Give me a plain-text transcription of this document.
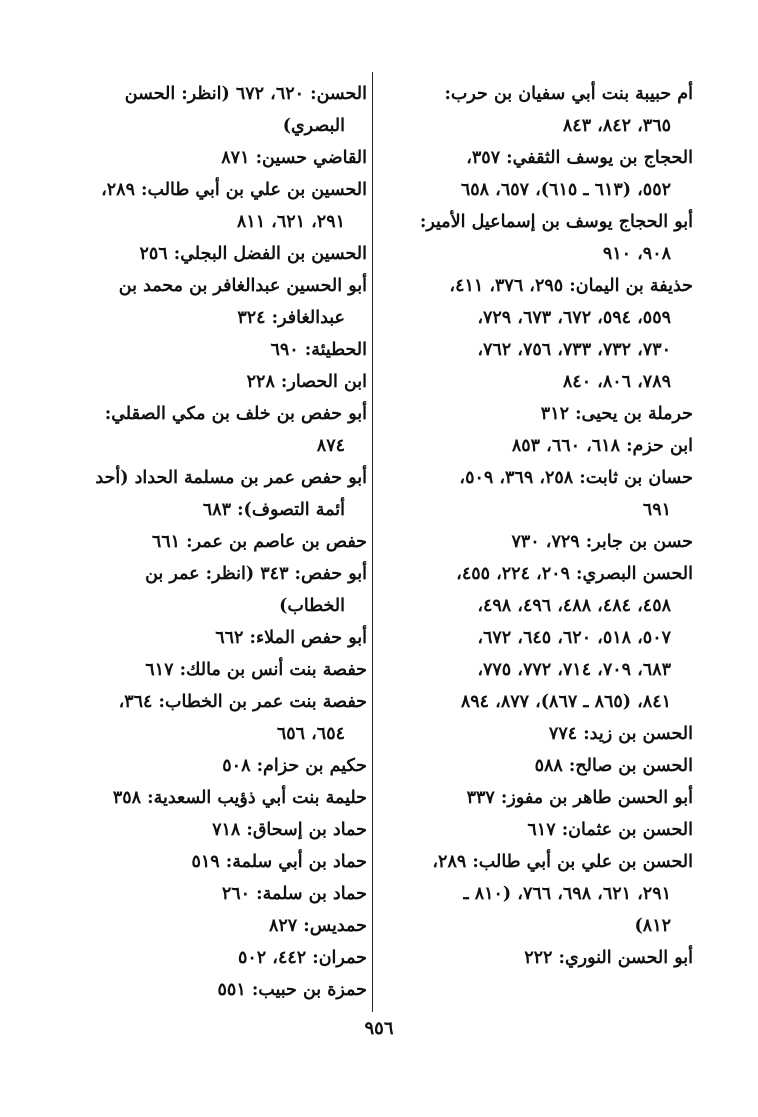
أم حبيبة بنت أبي سفيان بن حرب:
٣٦٥، ٨٤٢، ٨٤٣
الحجاج بن يوسف الثقفي: ٣٥٧،
٥٥٢، (٦١٣ ـ ٦١٥)، ٦٥٧، ٦٥٨
أبو الحجاج يوسف بن إسماعيل الأمير:
٩٠٨، ٩١٠
حذيفة بن اليمان: ٢٩٥، ٣٧٦، ٤١١،
٥٥٩، ٥٩٤، ٦٧٢، ٦٧٣، ٧٢٩،
٧٣٠، ٧٣٢، ٧٣٣، ٧٥٦، ٧٦٢،
٧٨٩، ٨٠٦، ٨٤٠
حرملة بن يحيى: ٣١٢
ابن حزم: ٦١٨، ٦٦٠، ٨٥٣
حسان بن ثابت: ٢٥٨، ٣٦٩، ٥٠٩،
٦٩١
حسن بن جابر: ٧٢٩، ٧٣٠
الحسن البصري: ٢٠٩، ٢٢٤، ٤٥٥،
٤٥٨، ٤٨٤، ٤٨٨، ٤٩٦، ٤٩٨،
٥٠٧، ٥١٨، ٦٢٠، ٦٤٥، ٦٧٢،
٦٨٣، ٧٠٩، ٧١٤، ٧٧٢، ٧٧٥،
٨٤١، (٨٦٥ ـ ٨٦٧)، ٨٧٧، ٨٩٤
الحسن بن زيد: ٧٧٤
الحسن بن صالح: ٥٨٨
أبو الحسن طاهر بن مفوز: ٣٣٧
الحسن بن عثمان: ٦١٧
الحسن بن علي بن أبي طالب: ٢٨٩،
٢٩١، ٦٢١، ٦٩٨، ٧٦٦، (٨١٠ ـ
٨١٢)
أبو الحسن النوري: ٢٢٢
الحسن: ٦٢٠، ٦٧٢ (انظر: الحسن
البصري)
القاضي حسين: ٨٧١
الحسين بن علي بن أبي طالب: ٢٨٩،
٢٩١، ٦٢١، ٨١١
الحسين بن الفضل البجلي: ٢٥٦
أبو الحسين عبدالغافر بن محمد بن
عبدالغافر: ٣٢٤
الحطيئة: ٦٩٠
ابن الحصار: ٢٢٨
أبو حفص بن خلف بن مكي الصقلي:
٨٧٤
أبو حفص عمر بن مسلمة الحداد (أحد
أئمة التصوف): ٦٨٣
حفص بن عاصم بن عمر: ٦٦١
أبو حفص: ٣٤٣ (انظر: عمر بن
الخطاب)
أبو حفص الملاء: ٦٦٢
حفصة بنت أنس بن مالك: ٦١٧
حفصة بنت عمر بن الخطاب: ٣٦٤،
٦٥٤، ٦٥٦
حكيم بن حزام: ٥٠٨
حليمة بنت أبي ذؤيب السعدية: ٣٥٨
حماد بن إسحاق: ٧١٨
حماد بن أبي سلمة: ٥١٩
حماد بن سلمة: ٢٦٠
حمديس: ٨٢٧
حمران: ٤٤٢، ٥٠٢
حمزة بن حبيب: ٥٥١
٩٥٦
